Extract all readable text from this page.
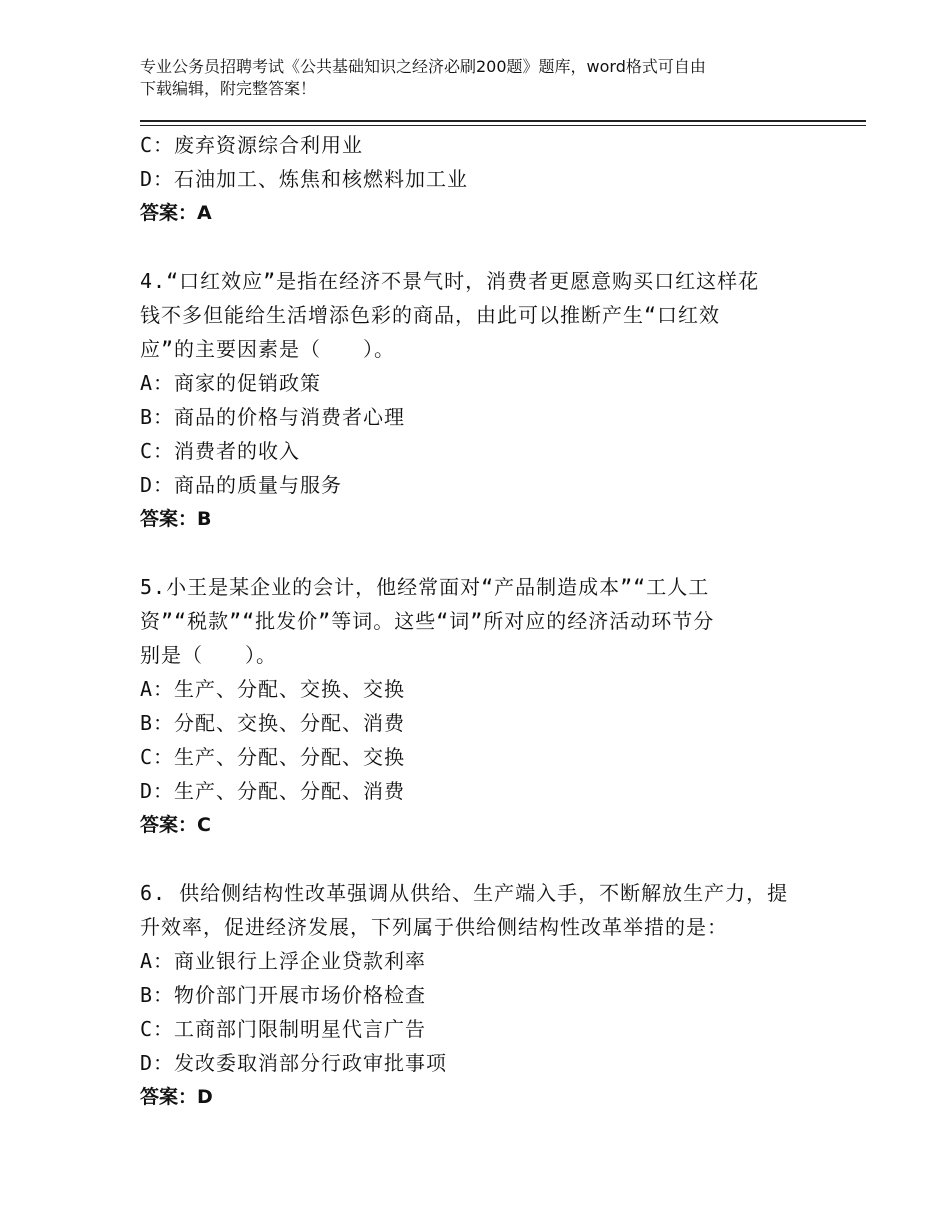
专业公务员招聘考试《公共基础知识之经济必刷200题》题库，word格式可自由
下载编辑，附完整答案！
C：废弃资源综合利用业
D：石油加工、炼焦和核燃料加工业
答案：A
4.“口红效应”是指在经济不景气时，消费者更愿意购买口红这样花
钱不多但能给生活增添色彩的商品，由此可以推断产生“口红效
应”的主要因素是（　　）。
A：商家的促销政策
B：商品的价格与消费者心理
C：消费者的收入
D：商品的质量与服务
答案：B
5.小王是某企业的会计，他经常面对“产品制造成本”“工人工
资”“税款”“批发价”等词。这些“词”所对应的经济活动环节分
别是（　　）。
A：生产、分配、交换、交换
B：分配、交换、分配、消费
C：生产、分配、分配、交换
D：生产、分配、分配、消费
答案：C
6. 供给侧结构性改革强调从供给、生产端入手，不断解放生产力，提
升效率，促进经济发展，下列属于供给侧结构性改革举措的是：
A：商业银行上浮企业贷款利率
B：物价部门开展市场价格检查
C：工商部门限制明星代言广告
D：发改委取消部分行政审批事项
答案：D
